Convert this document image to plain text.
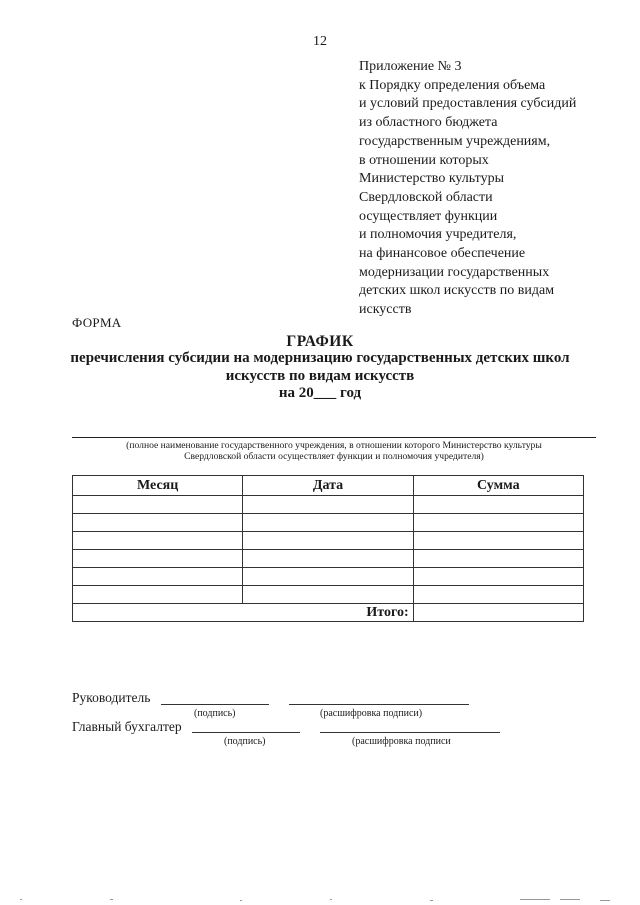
12
Приложение № 3
к Порядку определения объема
и условий предоставления субсидий
из областного бюджета
государственным учреждениям,
в отношении которых
Министерство культуры
Свердловской области
осуществляет функции
и полномочия учредителя,
на финансовое обеспечение
модернизации государственных
детских школ искусств по видам
искусств
ФОРМА
ГРАФИК
перечисления субсидии на модернизацию государственных детских школ
искусств по видам искусств
на 20___ год
(полное наименование государственного учреждения, в отношении которого Министерство культуры
Свердловской области осуществляет функции и полномочия учредителя)
Месяц	Дата	Сумма

Итого:		
Руководитель
(подпись)	(расшифровка подписи)
Главный бухгалтер
(подпись)	(расшифровка подписи
